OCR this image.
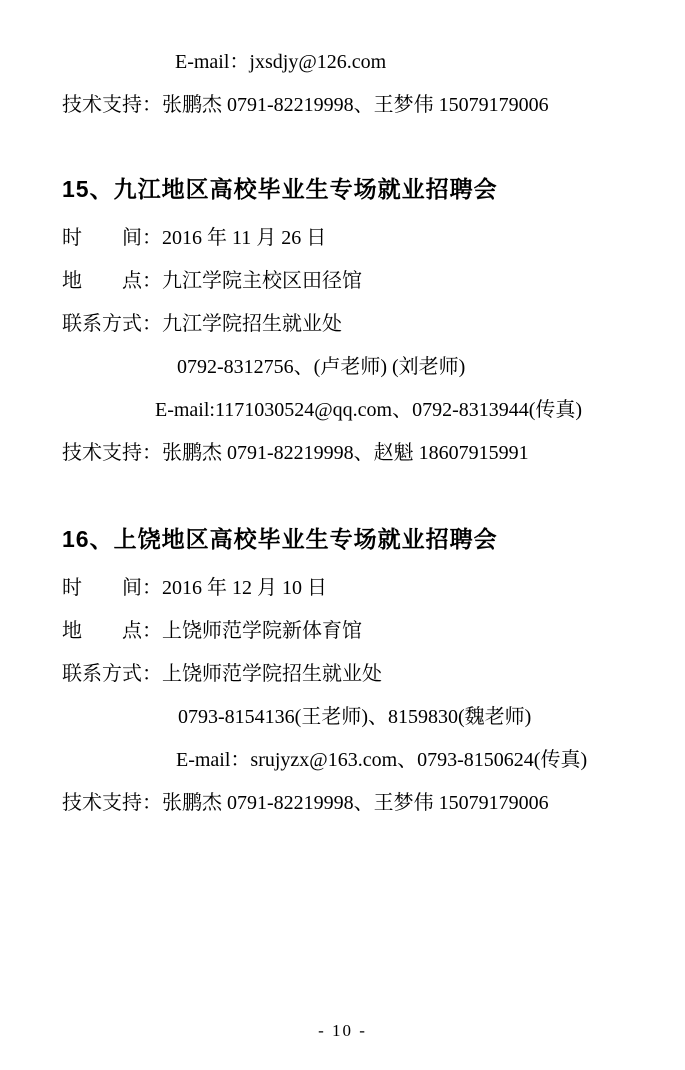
E-mail：jxsdjy@126.com
技术支持：张鹏杰 0791-82219998、王梦伟 15079179006
15、九江地区高校毕业生专场就业招聘会
时　　间：2016 年 11 月 26 日
地　　点：九江学院主校区田径馆
联系方式：九江学院招生就业处
0792-8312756、(卢老师) (刘老师)
E-mail:1171030524@qq.com、0792-8313944(传真)
技术支持：张鹏杰 0791-82219998、赵魁 18607915991
16、上饶地区高校毕业生专场就业招聘会
时　　间：2016 年 12 月 10 日
地　　点：上饶师范学院新体育馆
联系方式：上饶师范学院招生就业处
0793-8154136(王老师)、8159830(魏老师)
E-mail：srujyzx@163.com、0793-8150624(传真)
技术支持：张鹏杰 0791-82219998、王梦伟 15079179006
- 10 -
